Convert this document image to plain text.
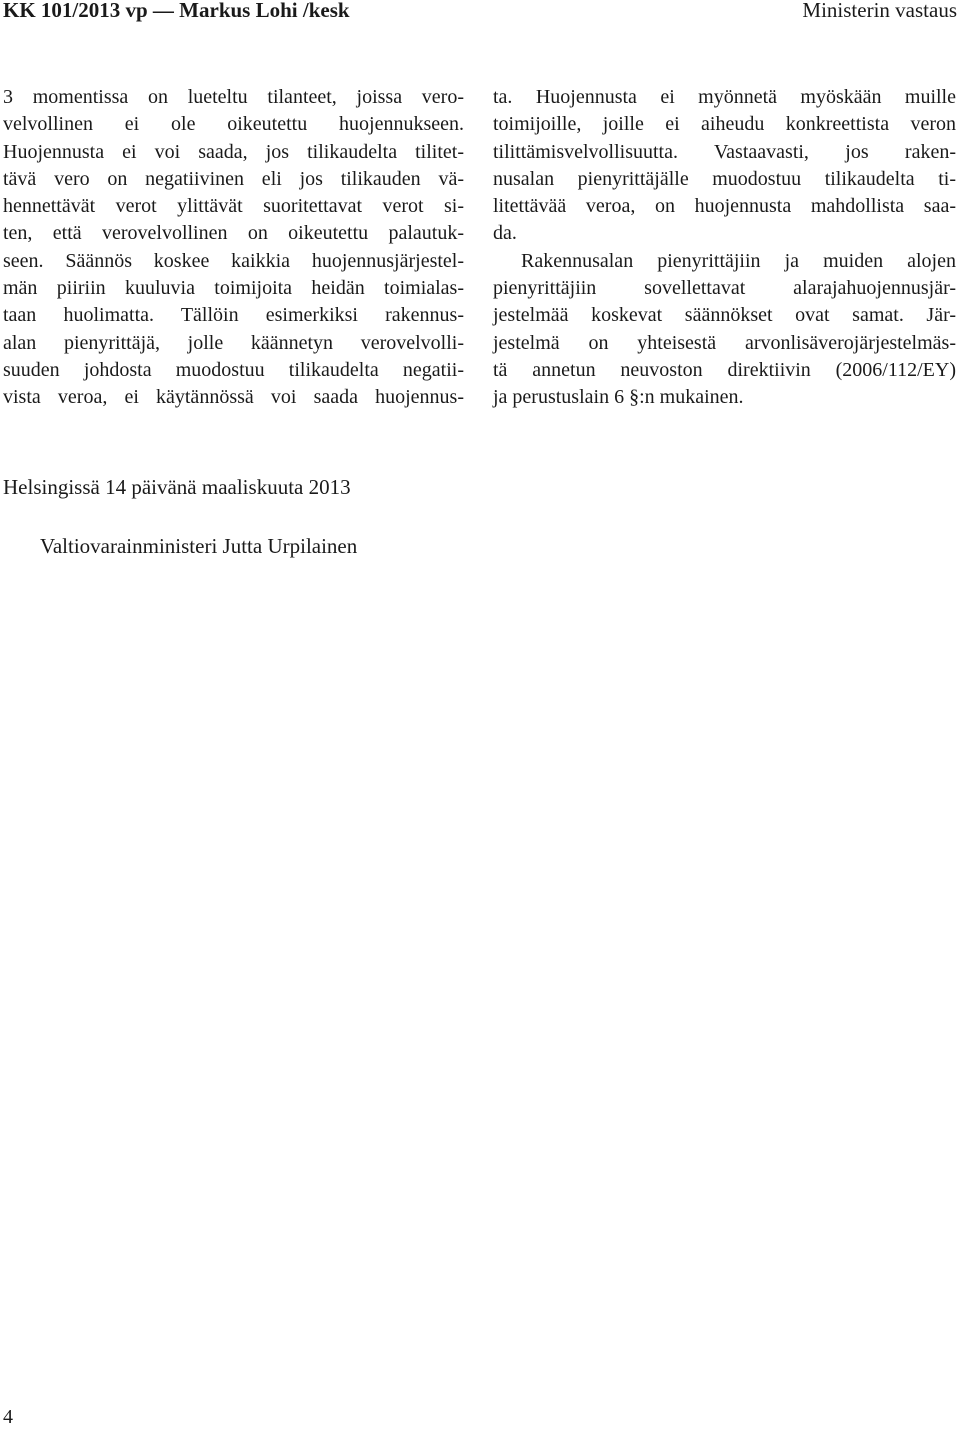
KK 101/2013 vp — Markus Lohi /kesk	Ministerin vastaus

3 momentissa on lueteltu tilanteet, joissa vero-
velvollinen ei ole oikeutettu huojennukseen.
Huojennusta ei voi saada, jos tilikaudelta tilitet-
tävä vero on negatiivinen eli jos tilikauden vä-
hennettävät verot ylittävät suoritettavat verot si-
ten, että verovelvollinen on oikeutettu palautuk-
seen. Säännös koskee kaikkia huojennusjärjestel-
män piiriin kuuluvia toimijoita heidän toimialas-
taan huolimatta. Tällöin esimerkiksi rakennus-
alan pienyrittäjä, jolle käännetyn verovelvolli-
suuden johdosta muodostuu tilikaudelta negatii-
vista veroa, ei käytännössä voi saada huojennus-

ta. Huojennusta ei myönnetä myöskään muille
toimijoille, joille ei aiheudu konkreettista veron
tilittämisvelvollisuutta. Vastaavasti, jos raken-
nusalan pienyrittäjälle muodostuu tilikaudelta ti-
litettävää veroa, on huojennusta mahdollista saa-
da.

Rakennusalan pienyrittäjiin ja muiden alojen
pienyrittäjiin sovellettavat alarajahuojennusjär-
jestelmää koskevat säännökset ovat samat. Jär-
jestelmä on yhteisestä arvonlisäverojärjestelmäs-
tä annetun neuvoston direktiivin (2006/112/EY)
ja perustuslain 6 §:n mukainen.

Helsingissä 14 päivänä maaliskuuta 2013
Valtiovarainministeri Jutta Urpilainen
4
